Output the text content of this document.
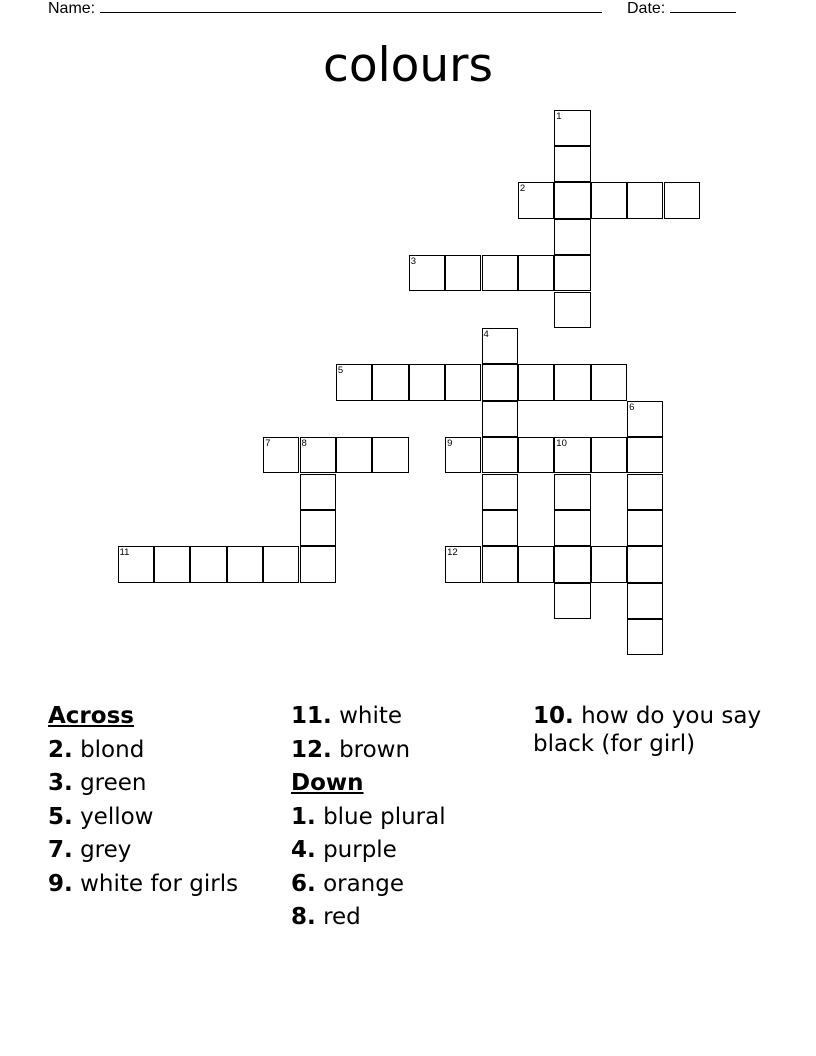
Name:	Date:
colours
1
2
3
4
5
6
7	8	9	10
11	12
Across
2. blond
3. green
5. yellow
7. grey
9. white for girls
11. white
12. brown
Down
1. blue plural
4. purple
6. orange
8. red
10. how do you say black (for girl)
